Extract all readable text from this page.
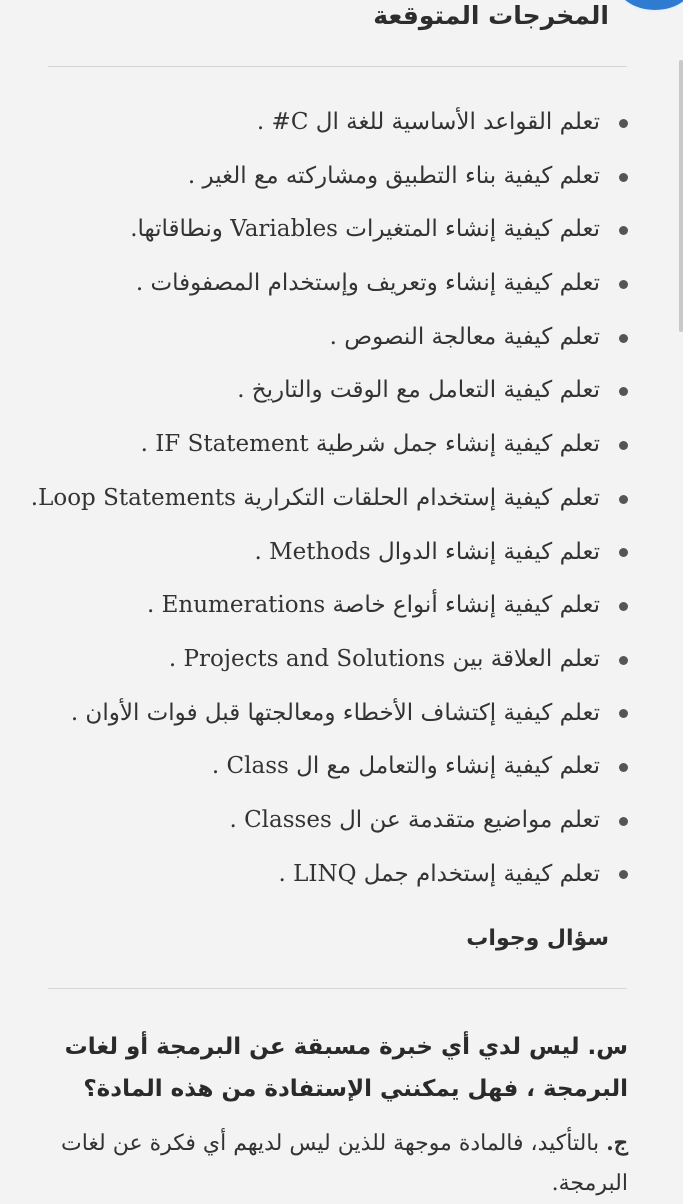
المخرجات المتوقعة
تعلم القواعد الأساسية للغة ال C# .
تعلم كيفية بناء التطبيق ومشاركته مع الغير .
تعلم كيفية إنشاء المتغيرات Variables ونطاقاتها.
تعلم كيفية إنشاء وتعريف وإستخدام المصفوفات .
تعلم كيفية معالجة النصوص .
تعلم كيفية التعامل مع الوقت والتاريخ .
تعلم كيفية إنشاء جمل شرطية IF Statement .
تعلم كيفية إستخدام الحلقات التكرارية Loop Statements.
تعلم كيفية إنشاء الدوال Methods .
تعلم كيفية إنشاء أنواع خاصة Enumerations .
تعلم العلاقة بين Projects and Solutions .
تعلم كيفية إكتشاف الأخطاء ومعالجتها قبل فوات الأوان .
تعلم كيفية إنشاء والتعامل مع ال Class .
تعلم مواضيع متقدمة عن ال Classes .
تعلم كيفية إستخدام جمل LINQ .
سؤال وجواب

س. ليس لدي أي خبرة مسبقة عن البرمجة أو لغات البرمجة ، فهل يمكنني الإستفادة من هذه المادة؟

ج. بالتأكيد، فالمادة موجهة للذين ليس لديهم أي فكرة عن لغات البرمجة.
